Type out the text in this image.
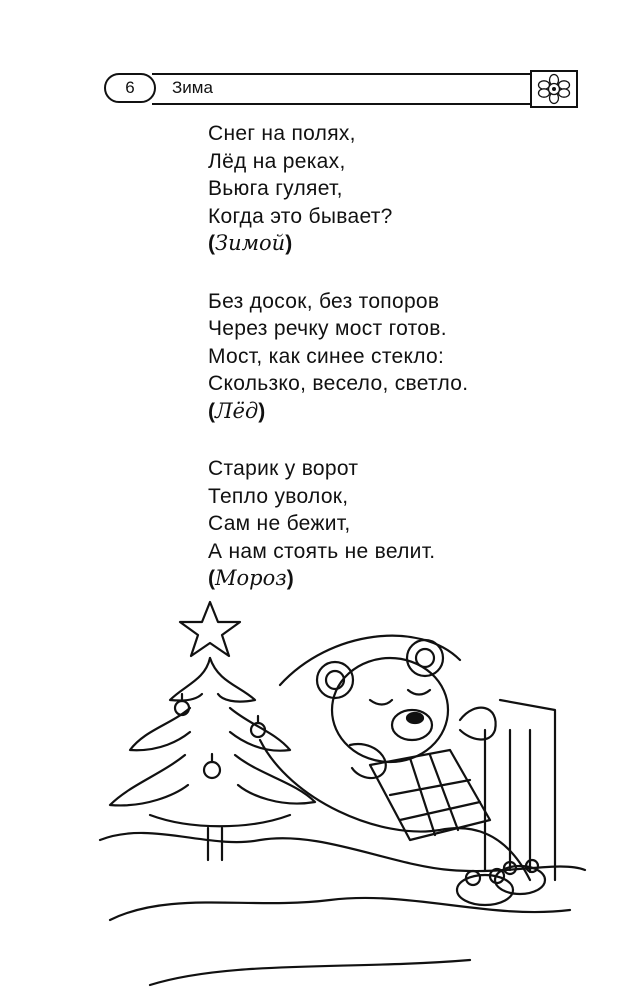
6	Зима
Снег на полях,
Лёд на реках,
Вьюга гуляет,
Когда это бывает?
(Зимой)
Без досок, без топоров
Через речку мост готов.
Мост, как синее стекло:
Скользко, весело, светло.
(Лёд)
Старик у ворот
Тепло уволок,
Сам не бежит,
А нам стоять не велит.
(Мороз)
